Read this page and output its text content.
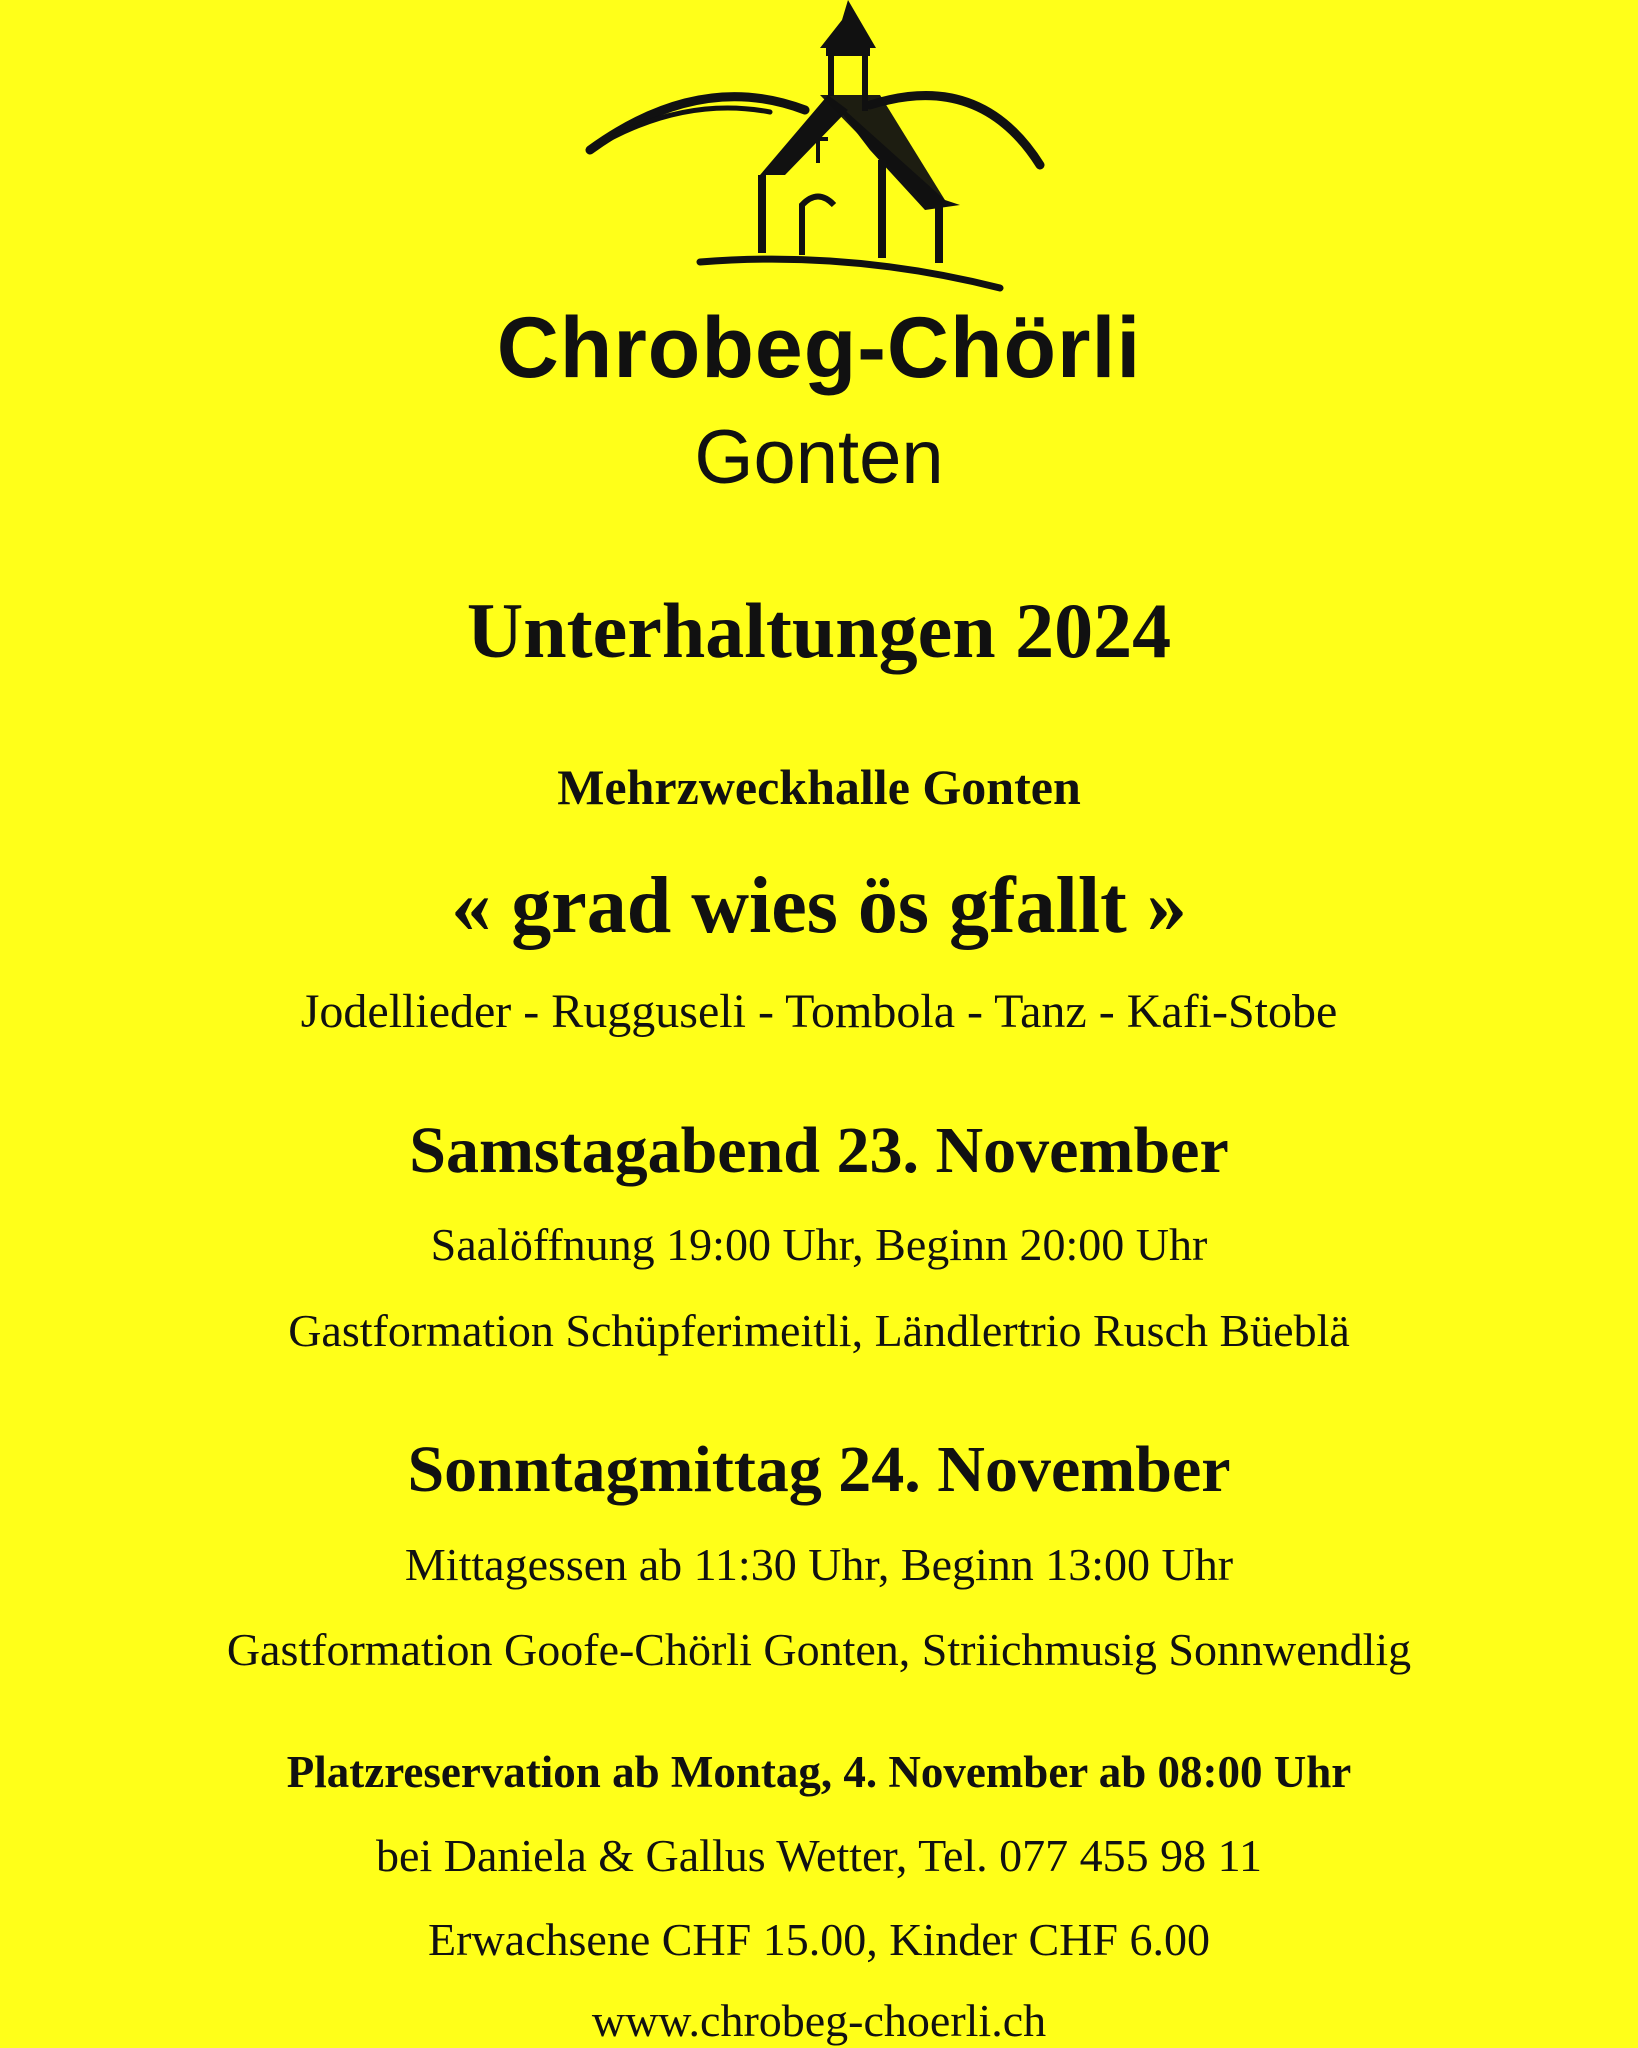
Chrobeg-Chörli
Gonten
Unterhaltungen 2024
Mehrzweckhalle Gonten
« grad wies ös gfallt »
Jodellieder - Rugguseli - Tombola - Tanz - Kafi-Stobe
Samstagabend 23. November
Saalöffnung 19:00 Uhr, Beginn 20:00 Uhr
Gastformation Schüpferimeitli, Ländlertrio Rusch Büeblä
Sonntagmittag 24. November
Mittagessen ab 11:30 Uhr, Beginn 13:00 Uhr
Gastformation Goofe-Chörli Gonten, Striichmusig Sonnwendlig
Platzreservation ab Montag, 4. November ab 08:00 Uhr
bei Daniela & Gallus Wetter, Tel. 077 455 98 11
Erwachsene CHF 15.00, Kinder CHF 6.00
www.chrobeg-choerli.ch
